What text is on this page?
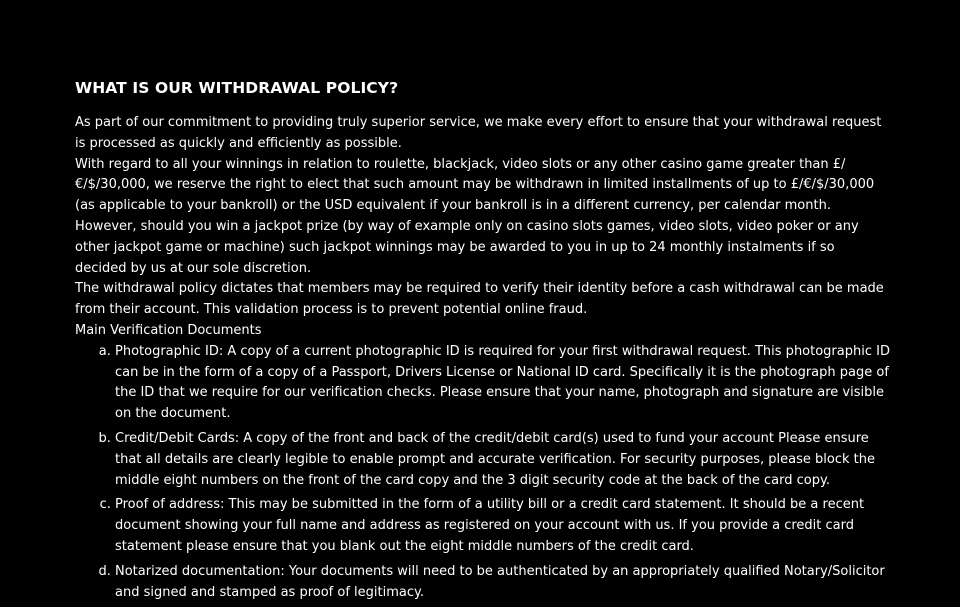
WHAT IS OUR WITHDRAWAL POLICY?

As part of our commitment to providing truly superior service, we make every effort to ensure that your withdrawal request is processed as quickly and efficiently as possible.

With regard to all your winnings in relation to roulette, blackjack, video slots or any other casino game greater than £/€/$/30,000, we reserve the right to elect that such amount may be withdrawn in limited installments of up to £/€/$/30,000 (as applicable to your bankroll) or the USD equivalent if your bankroll is in a different currency, per calendar month. However, should you win a jackpot prize (by way of example only on casino slots games, video slots, video poker or any other jackpot game or machine) such jackpot winnings may be awarded to you in up to 24 monthly instalments if so decided by us at our sole discretion.

The withdrawal policy dictates that members may be required to verify their identity before a cash withdrawal can be made from their account. This validation process is to prevent potential online fraud.

Main Verification Documents

a. Photographic ID: A copy of a current photographic ID is required for your first withdrawal request. This photographic ID can be in the form of a copy of a Passport, Drivers License or National ID card. Specifically it is the photograph page of the ID that we require for our verification checks. Please ensure that your name, photograph and signature are visible on the document.
b. Credit/Debit Cards: A copy of the front and back of the credit/debit card(s) used to fund your account Please ensure that all details are clearly legible to enable prompt and accurate verification. For security purposes, please block the middle eight numbers on the front of the card copy and the 3 digit security code at the back of the card copy.
c. Proof of address: This may be submitted in the form of a utility bill or a credit card statement. It should be a recent document showing your full name and address as registered on your account with us. If you provide a credit card statement please ensure that you blank out the eight middle numbers of the credit card.
d. Notarized documentation: Your documents will need to be authenticated by an appropriately qualified Notary/Solicitor and signed and stamped as proof of legitimacy.
